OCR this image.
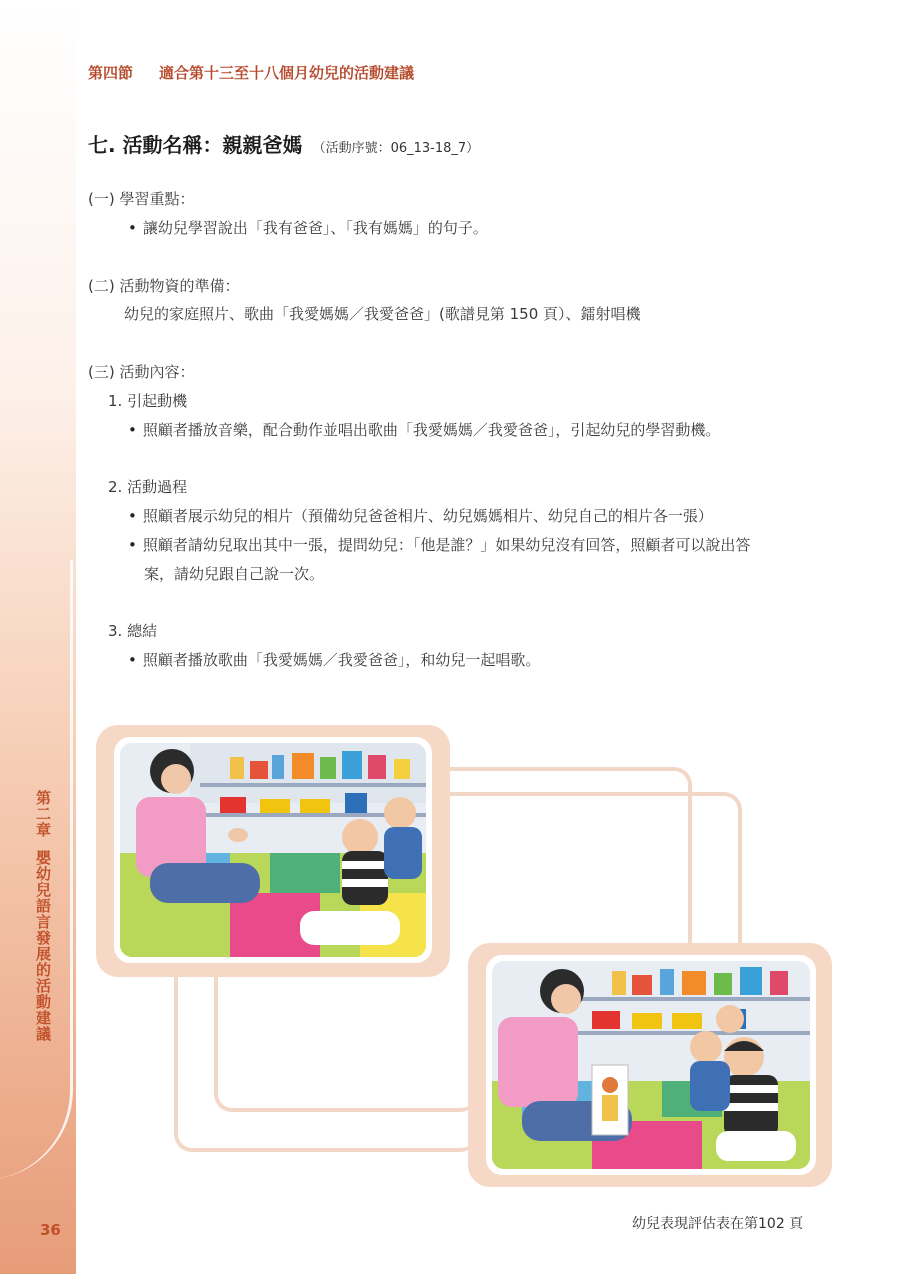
第二章嬰幼兒語言發展的活動建議
36
第四節 適合第十三至十八個月幼兒的活動建議
七. 活動名稱：親親爸媽 （活動序號：06_13-18_7）
(一) 學習重點：
• 讓幼兒學習說出「我有爸爸」、「我有媽媽」的句子。
(二) 活動物資的準備：
幼兒的家庭照片、歌曲「我愛媽媽／我愛爸爸」(歌譜見第 150 頁）、鐳射唱機
(三) 活動內容：
1. 引起動機
• 照顧者播放音樂，配合動作並唱出歌曲「我愛媽媽／我愛爸爸」，引起幼兒的學習動機。
2. 活動過程
• 照顧者展示幼兒的相片（預備幼兒爸爸相片、幼兒媽媽相片、幼兒自己的相片各一張）
• 照顧者請幼兒取出其中一張，提問幼兒：「他是誰？」如果幼兒沒有回答，照顧者可以說出答
案，請幼兒跟自己說一次。
3. 總結
• 照顧者播放歌曲「我愛媽媽／我愛爸爸」，和幼兒一起唱歌。
幼兒表現評估表在第102 頁
